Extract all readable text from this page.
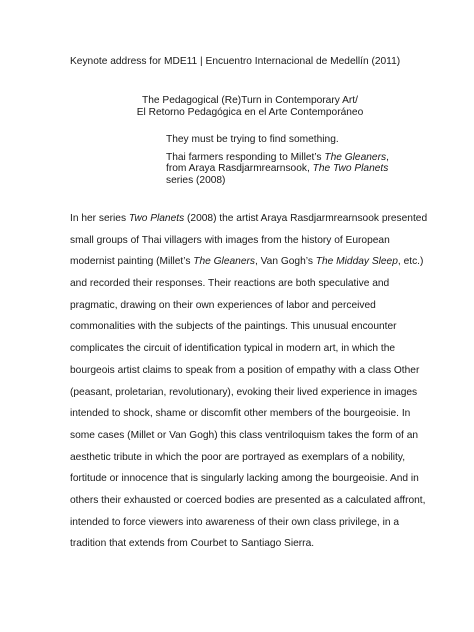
Keynote address for MDE11 | Encuentro Internacional de Medellín (2011)
The Pedagogical (Re)Turn in Contemporary Art/
El Retorno Pedagógica en el Arte Contemporáneo
They must be trying to find something.
Thai farmers responding to Millet’s The Gleaners,
from Araya Rasdjarmrearnsook, The Two Planets
series (2008)
In her series Two Planets (2008) the artist Araya Rasdjarmrearnsook presented
small groups of Thai villagers with images from the history of European
modernist painting (Millet’s The Gleaners, Van Gogh’s The Midday Sleep, etc.)
and recorded their responses. Their reactions are both speculative and
pragmatic, drawing on their own experiences of labor and perceived
commonalities with the subjects of the paintings. This unusual encounter
complicates the circuit of identification typical in modern art, in which the
bourgeois artist claims to speak from a position of empathy with a class Other
(peasant, proletarian, revolutionary), evoking their lived experience in images
intended to shock, shame or discomfit other members of the bourgeoisie. In
some cases (Millet or Van Gogh) this class ventriloquism takes the form of an
aesthetic tribute in which the poor are portrayed as exemplars of a nobility,
fortitude or innocence that is singularly lacking among the bourgeoisie. And in
others their exhausted or coerced bodies are presented as a calculated affront,
intended to force viewers into awareness of their own class privilege, in a
tradition that extends from Courbet to Santiago Sierra.
